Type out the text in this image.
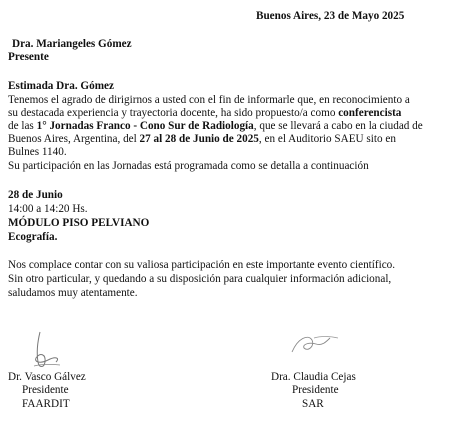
Buenos Aires, 23 de Mayo 2025
Dra. Mariangeles Gómez
Presente
Estimada Dra. Gómez
Tenemos el agrado de dirigirnos a usted con el fin de informarle que, en reconocimiento a
su destacada experiencia y trayectoria docente, ha sido propuesto/a como conferencista
de las 1° Jornadas Franco - Cono Sur de Radiología, que se llevará a cabo en la ciudad de
Buenos Aires, Argentina, del 27 al 28 de Junio de 2025, en el Auditorio SAEU sito en
Bulnes 1140.
Su participación en las Jornadas está programada como se detalla a continuación
28 de Junio
14:00 a 14:20 Hs.
MÓDULO PISO PELVIANO
Ecografía.
Nos complace contar con su valiosa participación en este importante evento científico.
Sin otro particular, y quedando a su disposición para cualquier información adicional,
saludamos muy atentamente.
Dr. Vasco Gálvez
Presidente
FAARDIT
Dra. Claudia Cejas
Presidente
SAR
